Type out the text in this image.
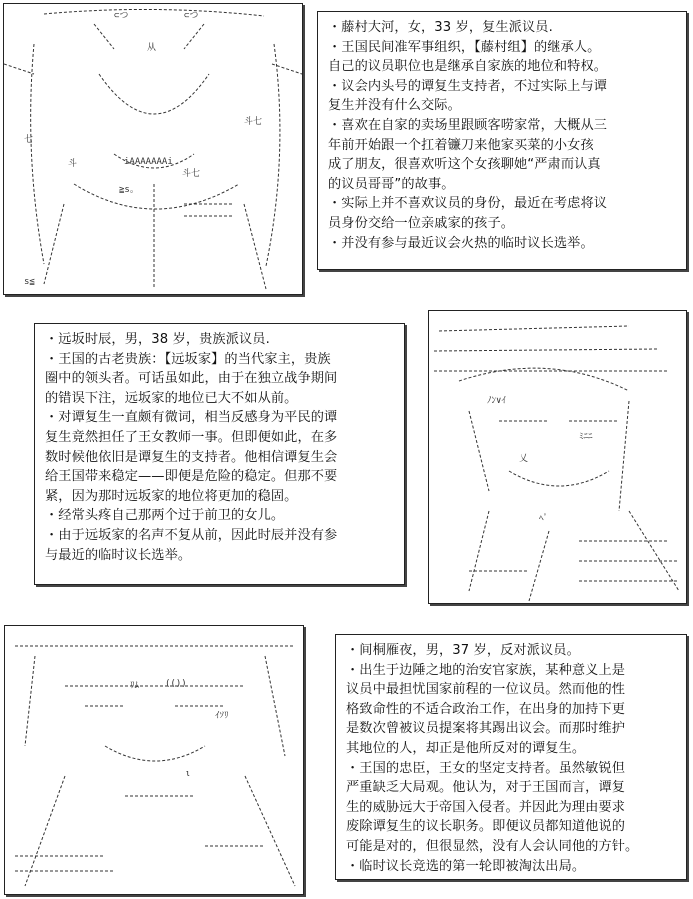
⊂つ	⊂つ
从
七
斗七
斗	iAAAAAAAi
斗七
≧s。
s≦

・藤村大河，女，33 岁，复生派议员.

・王国民间准军事组织，【藤村组】的继承人。

自己的议员职位也是继承自家族的地位和特权。

・议会内头号的谭复生支持者，不过实际上与谭

复生并没有什么交际。

・喜欢在自家的卖场里跟顾客唠家常，大概从三

年前开始跟一个扛着镰刀来他家买菜的小女孩

成了朋友，很喜欢听这个女孩聊她“严肃而认真

的议员哥哥”的故事。

・实际上并不喜欢议员的身份，最近在考虑将议

员身份交给一位亲戚家的孩子。

・并没有参与最近议会火热的临时议长选举。

・远坂时辰，男，38 岁，贵族派议员.

・王国的古老贵族：【远坂家】的当代家主，贵族

圈中的领头者。可话虽如此，由于在独立战争期间

的错误下注，远坂家的地位已大不如从前。

・对谭复生一直颇有微词，相当反感身为平民的谭

复生竟然担任了王女教师一事。但即便如此，在多

数时候他依旧是谭复生的支持者。他相信谭复生会

给王国带来稳定——即便是危险的稳定。但那不要

紧，因为那时远坂家的地位将更加的稳固。

・经常头疼自己那两个过于前卫的女儿。

・由于远坂家的名声不复从前，因此时辰并没有参

与最近的临时议长选举。

ﾉﾝ∨ｲ
ﾐﾆﾆ
乂
ﾍﾟ
ﾘﾑ
ｲｿﾘ
ι
(())

・间桐雁夜，男，37 岁，反对派议员。

・出生于边陲之地的治安官家族，某种意义上是

议员中最担忧国家前程的一位议员。然而他的性

格致命性的不适合政治工作，在出身的加持下更

是数次曾被议员提案将其踢出议会。而那时维护

其地位的人，却正是他所反对的谭复生。

・王国的忠臣，王女的坚定支持者。虽然敏锐但

严重缺乏大局观。他认为，对于王国而言，谭复

生的威胁远大于帝国入侵者。并因此为理由要求

废除谭复生的议长职务。即便议员都知道他说的

可能是对的，但很显然，没有人会认同他的方针。

・临时议长竞选的第一轮即被淘汰出局。
